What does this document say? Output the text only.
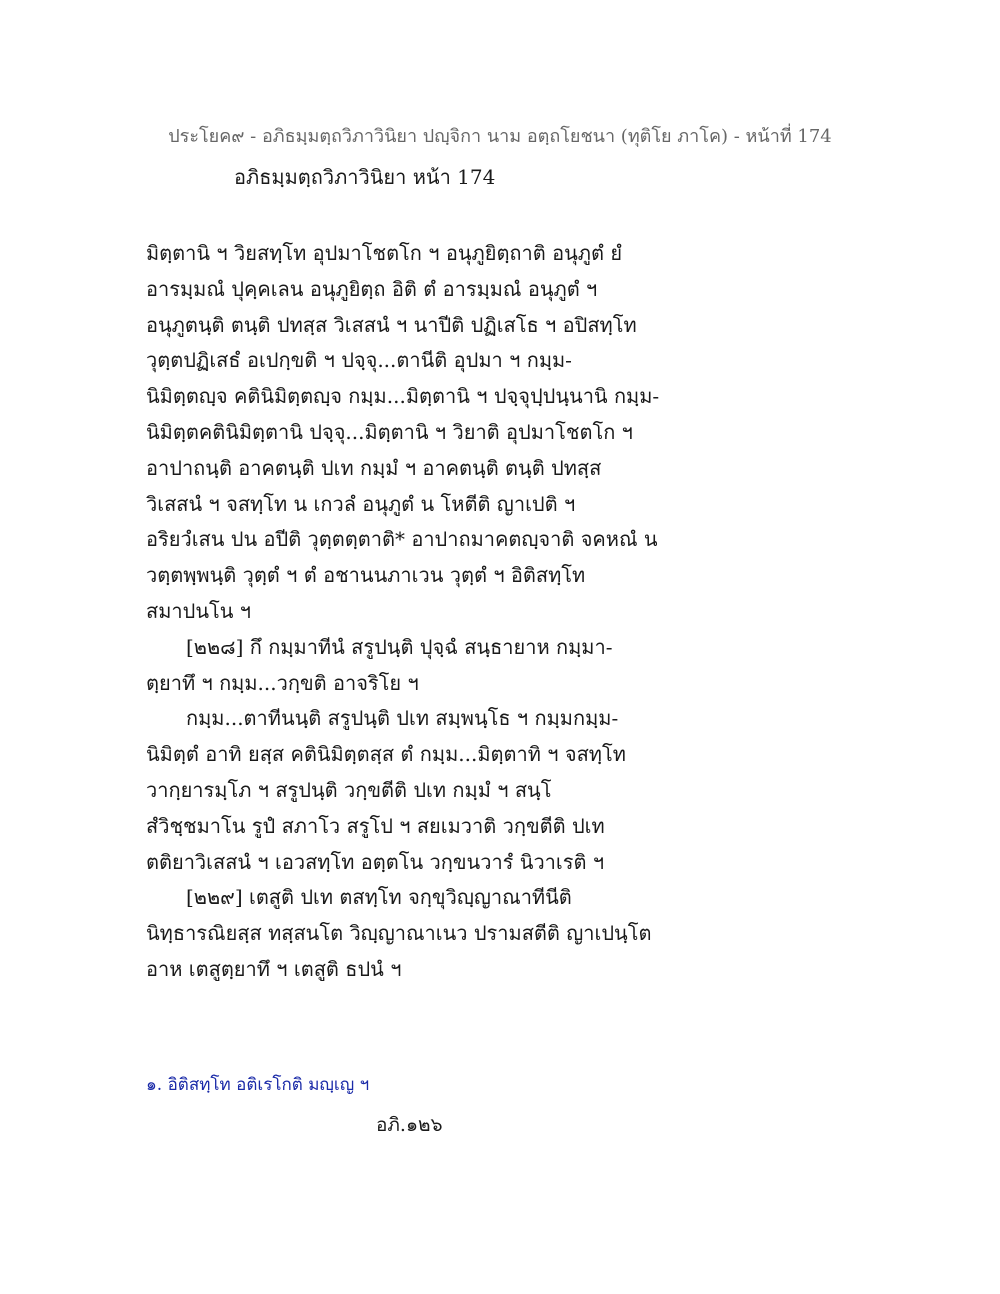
ประโยค๙ - อภิธมฺมตฺถวิภาวินิยา ปญฺจิกา นาม อตฺถโยชนา (ทุติโย ภาโค) - หน้าที่ 174
อภิธมฺมตฺถวิภาวินิยา หน้า 174
มิตฺตานิ ฯ วิยสทฺโท อุปมาโชตโก ฯ อนุภูยิตฺถาติ อนุภูตํ ยํ
อารมฺมณํ ปุคฺคเลน อนุภูยิตฺถ อิติ ตํ อารมฺมณํ อนุภูตํ ฯ
อนุภูตนฺติ ตนฺติ ปทสฺส วิเสสนํ ฯ นาปีติ ปฏิเสโธ ฯ อปิสทฺโท
วุตฺตปฏิเสธํ อเปกฺขติ ฯ ปจฺจุ...ตานีติ อุปมา ฯ กมฺม-
นิมิตฺตญฺจ คตินิมิตฺตญฺจ กมฺม...มิตฺตานิ ฯ ปจฺจุปฺปนฺนานิ กมฺม-
นิมิตฺตคตินิมิตฺตานิ ปจฺจุ...มิตฺตานิ ฯ วิยาติ อุปมาโชตโก ฯ
อาปาถนฺติ อาคตนฺติ ปเท กมฺมํ ฯ อาคตนฺติ ตนฺติ ปทสฺส
วิเสสนํ ฯ จสทฺโท น เกวลํ อนุภูตํ น โหตีติ ญาเปติ ฯ
อริยวํเสน ปน อปีติ วุตฺตตฺตาติ* อาปาถมาคตญฺจาติ จคหณํ น
วตฺตพฺพนฺติ วุตฺตํ ฯ ตํ อชานนภาเวน วุตฺตํ ฯ อิติสทฺโท
สมาปนโน ฯ
[๒๒๘] กึ กมฺมาทีนํ สรูปนฺติ ปุจฺฉํ สนฺธายาห กมฺมา-
ตฺยาทึ ฯ กมฺม...วกฺขติ อาจริโย ฯ
กมฺม...ตาทีนนฺติ สรูปนฺติ ปเท สมฺพนฺโธ ฯ กมฺมกมฺม-
นิมิตฺตํ อาทิ ยสฺส คตินิมิตฺตสฺส ตํ กมฺม...มิตฺตาทิ ฯ จสทฺโท
วากฺยารมฺโภ ฯ สรูปนฺติ วกฺขตีติ ปเท กมฺมํ ฯ สนฺโ
สํวิชฺชมาโน รูปํ สภาโว สรูโป ฯ สยเมวาติ วกฺขตีติ ปเท
ตติยาวิเสสนํ ฯ เอวสทฺโท อตฺตโน วกฺขนวารํ นิวาเรติ ฯ
[๒๒๙] เตสูติ ปเท ตสทฺโท จกฺขุวิญฺญาณาทีนีติ
นิทฺธารณิยสฺส ทสฺสนโต วิญฺญาณาเนว ปรามสตีติ ญาเปนฺโต
อาห เตสูตฺยาทึ ฯ เตสูติ ธปนํ ฯ
๑. อิติสทฺโท อติเรโกติ มญฺเญ ฯ
อภิ.๑๒๖
